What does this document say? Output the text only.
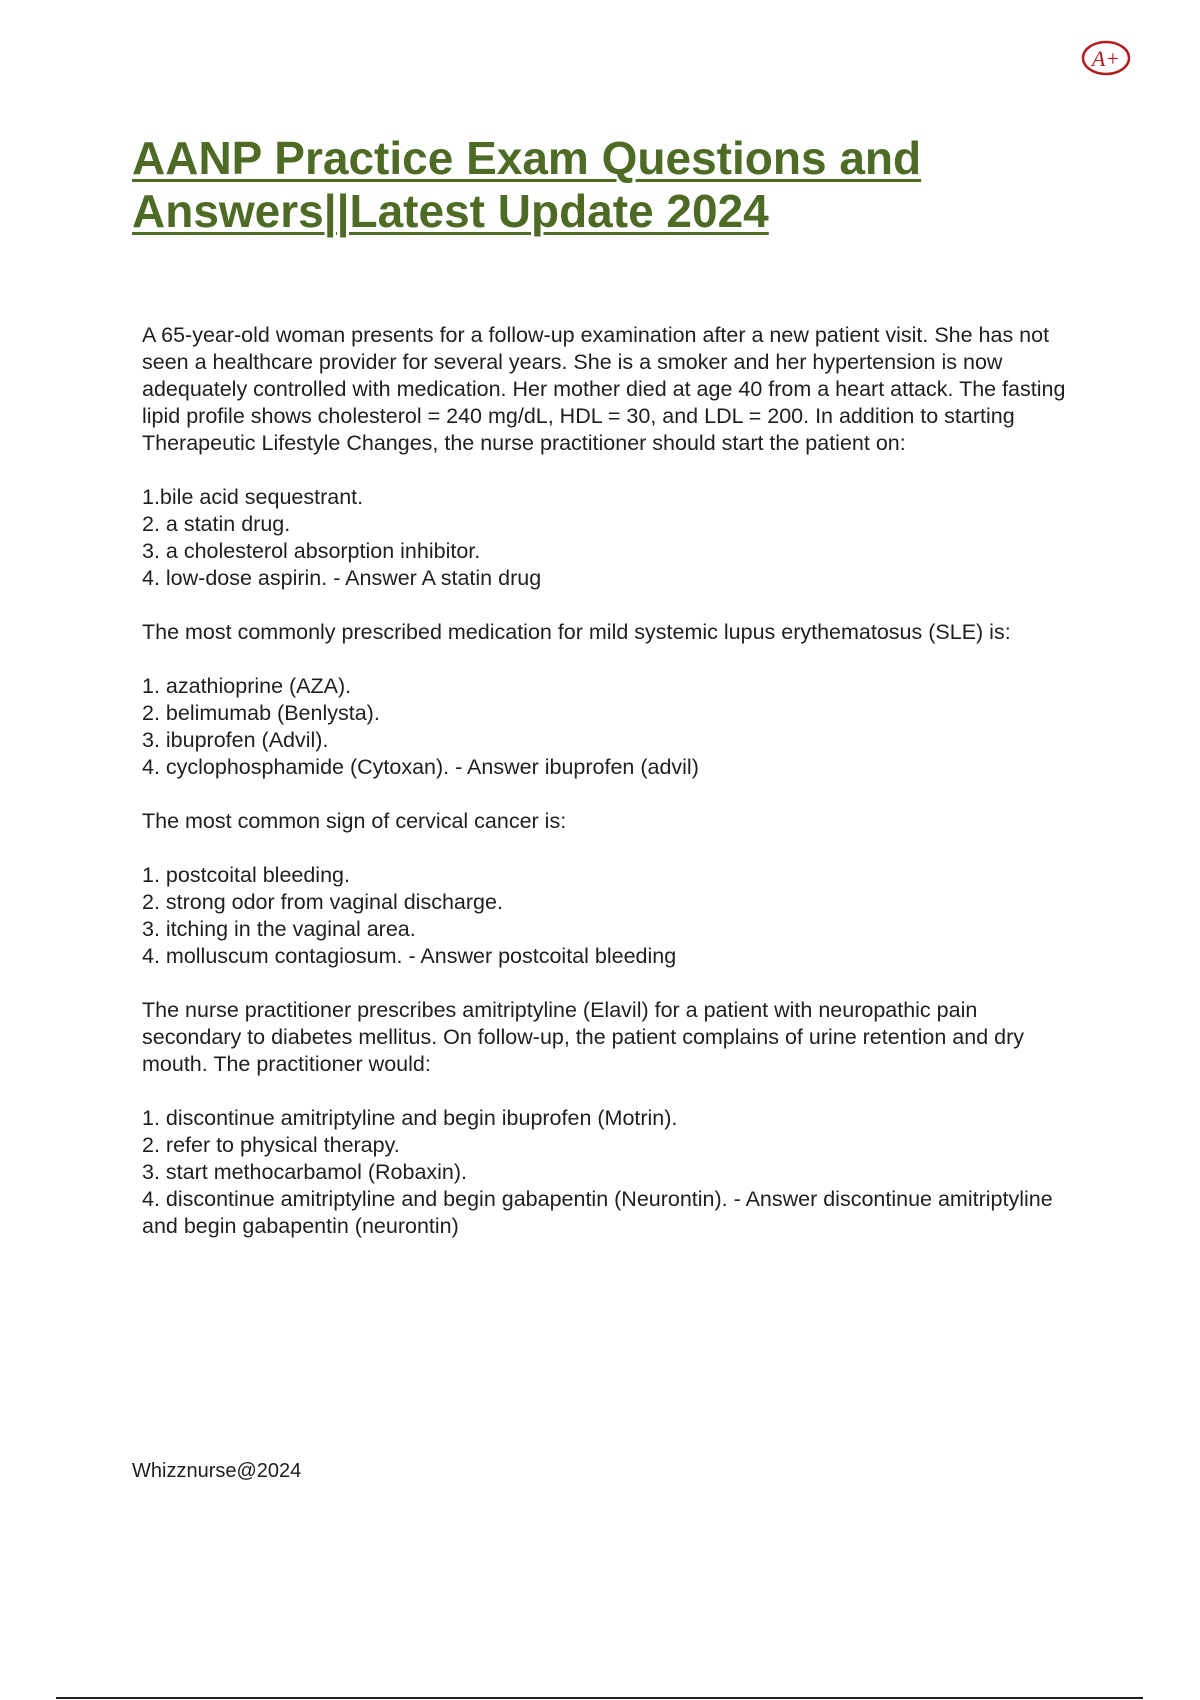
A+
AANP Practice Exam Questions and Answers||Latest Update 2024

A 65-year-old woman presents for a follow-up examination after a new patient visit. She has not seen a healthcare provider for several years. She is a smoker and her hypertension is now adequately controlled with medication. Her mother died at age 40 from a heart attack. The fasting lipid profile shows cholesterol = 240 mg/dL, HDL = 30, and LDL = 200. In addition to starting Therapeutic Lifestyle Changes, the nurse practitioner should start the patient on:

1.bile acid sequestrant.
2. a statin drug.
3. a cholesterol absorption inhibitor.
4. low-dose aspirin. - Answer A statin drug

The most commonly prescribed medication for mild systemic lupus erythematosus (SLE) is:

1. azathioprine (AZA).
2. belimumab (Benlysta).
3. ibuprofen (Advil).
4. cyclophosphamide (Cytoxan). - Answer ibuprofen (advil)

The most common sign of cervical cancer is:

1. postcoital bleeding.
2. strong odor from vaginal discharge.
3. itching in the vaginal area.
4. molluscum contagiosum. - Answer postcoital bleeding

The nurse practitioner prescribes amitriptyline (Elavil) for a patient with neuropathic pain secondary to diabetes mellitus. On follow-up, the patient complains of urine retention and dry mouth. The practitioner would:

1. discontinue amitriptyline and begin ibuprofen (Motrin).
2. refer to physical therapy.
3. start methocarbamol (Robaxin).
4. discontinue amitriptyline and begin gabapentin (Neurontin). - Answer discontinue amitriptyline and begin gabapentin (neurontin)
Whizznurse@2024
